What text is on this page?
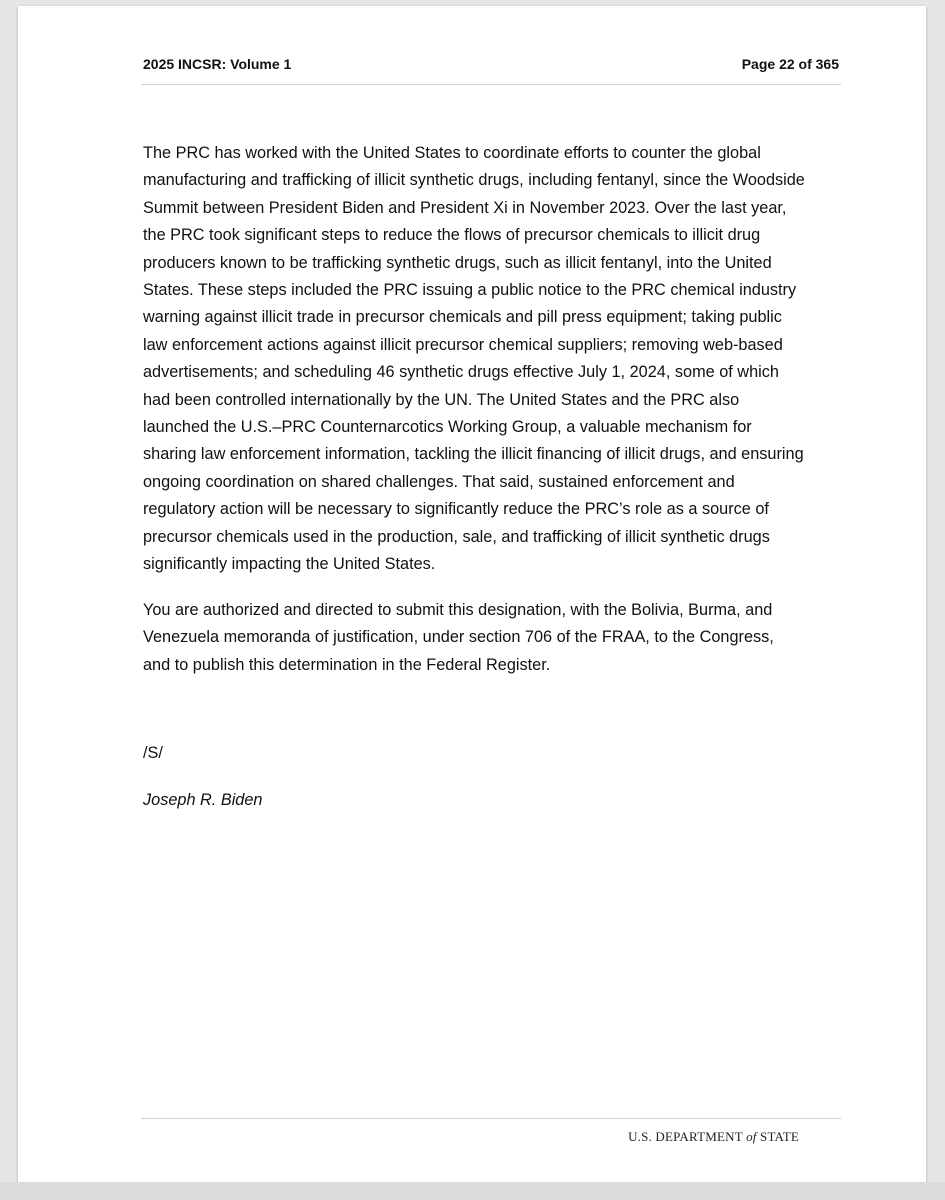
2025 INCSR: Volume 1	Page 22 of 365
The PRC has worked with the United States to coordinate efforts to counter the global
manufacturing and trafficking of illicit synthetic drugs, including fentanyl, since the Woodside
Summit between President Biden and President Xi in November 2023. Over the last year,
the PRC took significant steps to reduce the flows of precursor chemicals to illicit drug
producers known to be trafficking synthetic drugs, such as illicit fentanyl, into the United
States. These steps included the PRC issuing a public notice to the PRC chemical industry
warning against illicit trade in precursor chemicals and pill press equipment; taking public
law enforcement actions against illicit precursor chemical suppliers; removing web-based
advertisements; and scheduling 46 synthetic drugs effective July 1, 2024, some of which
had been controlled internationally by the UN. The United States and the PRC also
launched the U.S.–PRC Counternarcotics Working Group, a valuable mechanism for
sharing law enforcement information, tackling the illicit financing of illicit drugs, and ensuring
ongoing coordination on shared challenges. That said, sustained enforcement and
regulatory action will be necessary to significantly reduce the PRC’s role as a source of
precursor chemicals used in the production, sale, and trafficking of illicit synthetic drugs
significantly impacting the United States.
You are authorized and directed to submit this designation, with the Bolivia, Burma, and
Venezuela memoranda of justification, under section 706 of the FRAA, to the Congress,
and to publish this determination in the Federal Register.
/S/
Joseph R. Biden
U.S. DEPARTMENT of STATE
